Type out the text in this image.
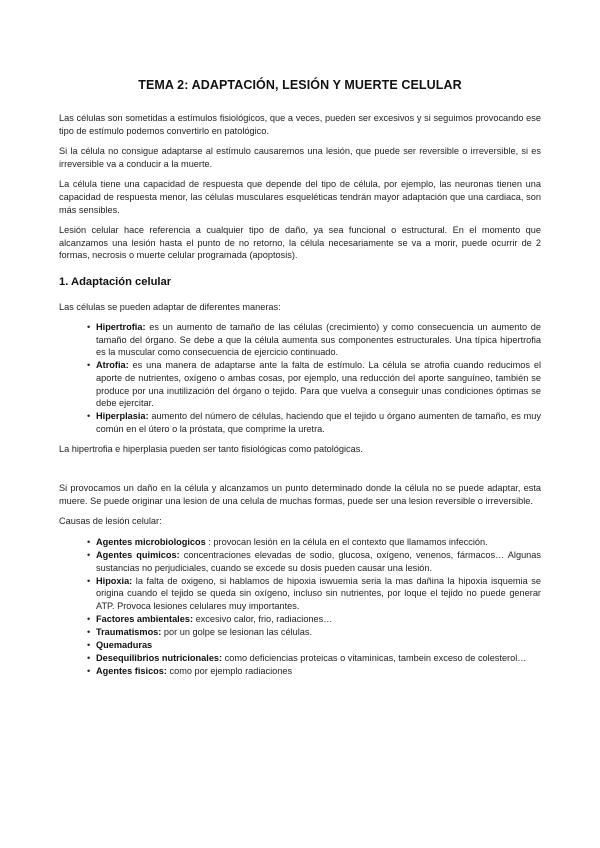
TEMA 2: ADAPTACIÓN, LESIÓN Y MUERTE CELULAR

Las células son sometidas a estímulos fisiológicos, que a veces, pueden ser excesivos y si seguimos provocando ese tipo de estímulo podemos convertirlo en patológico.

Si la célula no consigue adaptarse al estímulo causaremos una lesión, que puede ser reversible o irreversible, si es irreversible va a conducir a la muerte.

La célula tiene una capacidad de respuesta que depende del tipo de célula, por ejemplo, las neuronas tienen una capacidad de respuesta menor, las células musculares esqueléticas tendrán mayor adaptación que una cardiaca, son más sensibles.

Lesión celular hace referencia a cualquier tipo de daño, ya sea funcional o estructural. En el momento que alcanzamos una lesión hasta el punto de no retorno, la célula necesariamente se va a morir, puede ocurrir de 2 formas, necrosis o muerte celular programada (apoptosis).

1. Adaptación celular

Las células se pueden adaptar de diferentes maneras:

• Hipertrofia: es un aumento de tamaño de las células (crecimiento) y como consecuencia un aumento de tamaño del órgano. Se debe a que la célula aumenta sus componentes estructurales. Una típica hipertrofia es la muscular como consecuencia de ejercicio continuado.
• Atrofia: es una manera de adaptarse ante la falta de estímulo. La célula se atrofia cuando reducimos el aporte de nutrientes, oxígeno o ambas cosas, por ejemplo, una reducción del aporte sanguíneo, también se produce por una inutilización del órgano o tejido. Para que vuelva a conseguir unas condiciones óptimas se debe ejercitar.
• Hiperplasia: aumento del número de células, haciendo que el tejido u órgano aumenten de tamaño, es muy común en el útero o la próstata, que comprime la uretra.

La hipertrofia e hiperplasia pueden ser tanto fisiológicas como patológicas.

Si provocamos un daño en la célula y alcanzamos un punto determinado donde la célula no se puede adaptar, esta muere. Se puede originar una lesion de una celula de muchas formas, puede ser una lesion reversible o irreversible.

Causas de lesión celular:

• Agentes microbiologicos : provocan lesión en la célula en el contexto que llamamos infección.
• Agentes quimicos: concentraciones elevadas de sodio, glucosa, oxígeno, venenos, fármacos… Algunas sustancias no perjudiciales, cuando se excede su dosis pueden causar una lesión.
• Hipoxia: la falta de oxigeno, si hablamos de hipoxia iswuemia seria la mas dañina la hipoxia isquemia se origina cuando el tejido se queda sin oxígeno, incluso sin nutrientes, por loque el tejido no puede generar ATP. Provoca lesiones celulares muy importantes.
• Factores ambientales: excesivo calor, frio, radiaciones…
• Traumatismos: por un golpe se lesionan las células.
• Quemaduras
• Desequilibrios nutricionales: como deficiencias proteicas o vitaminicas, tambein exceso de colesterol…
• Agentes fisicos: como por ejemplo radiaciones
